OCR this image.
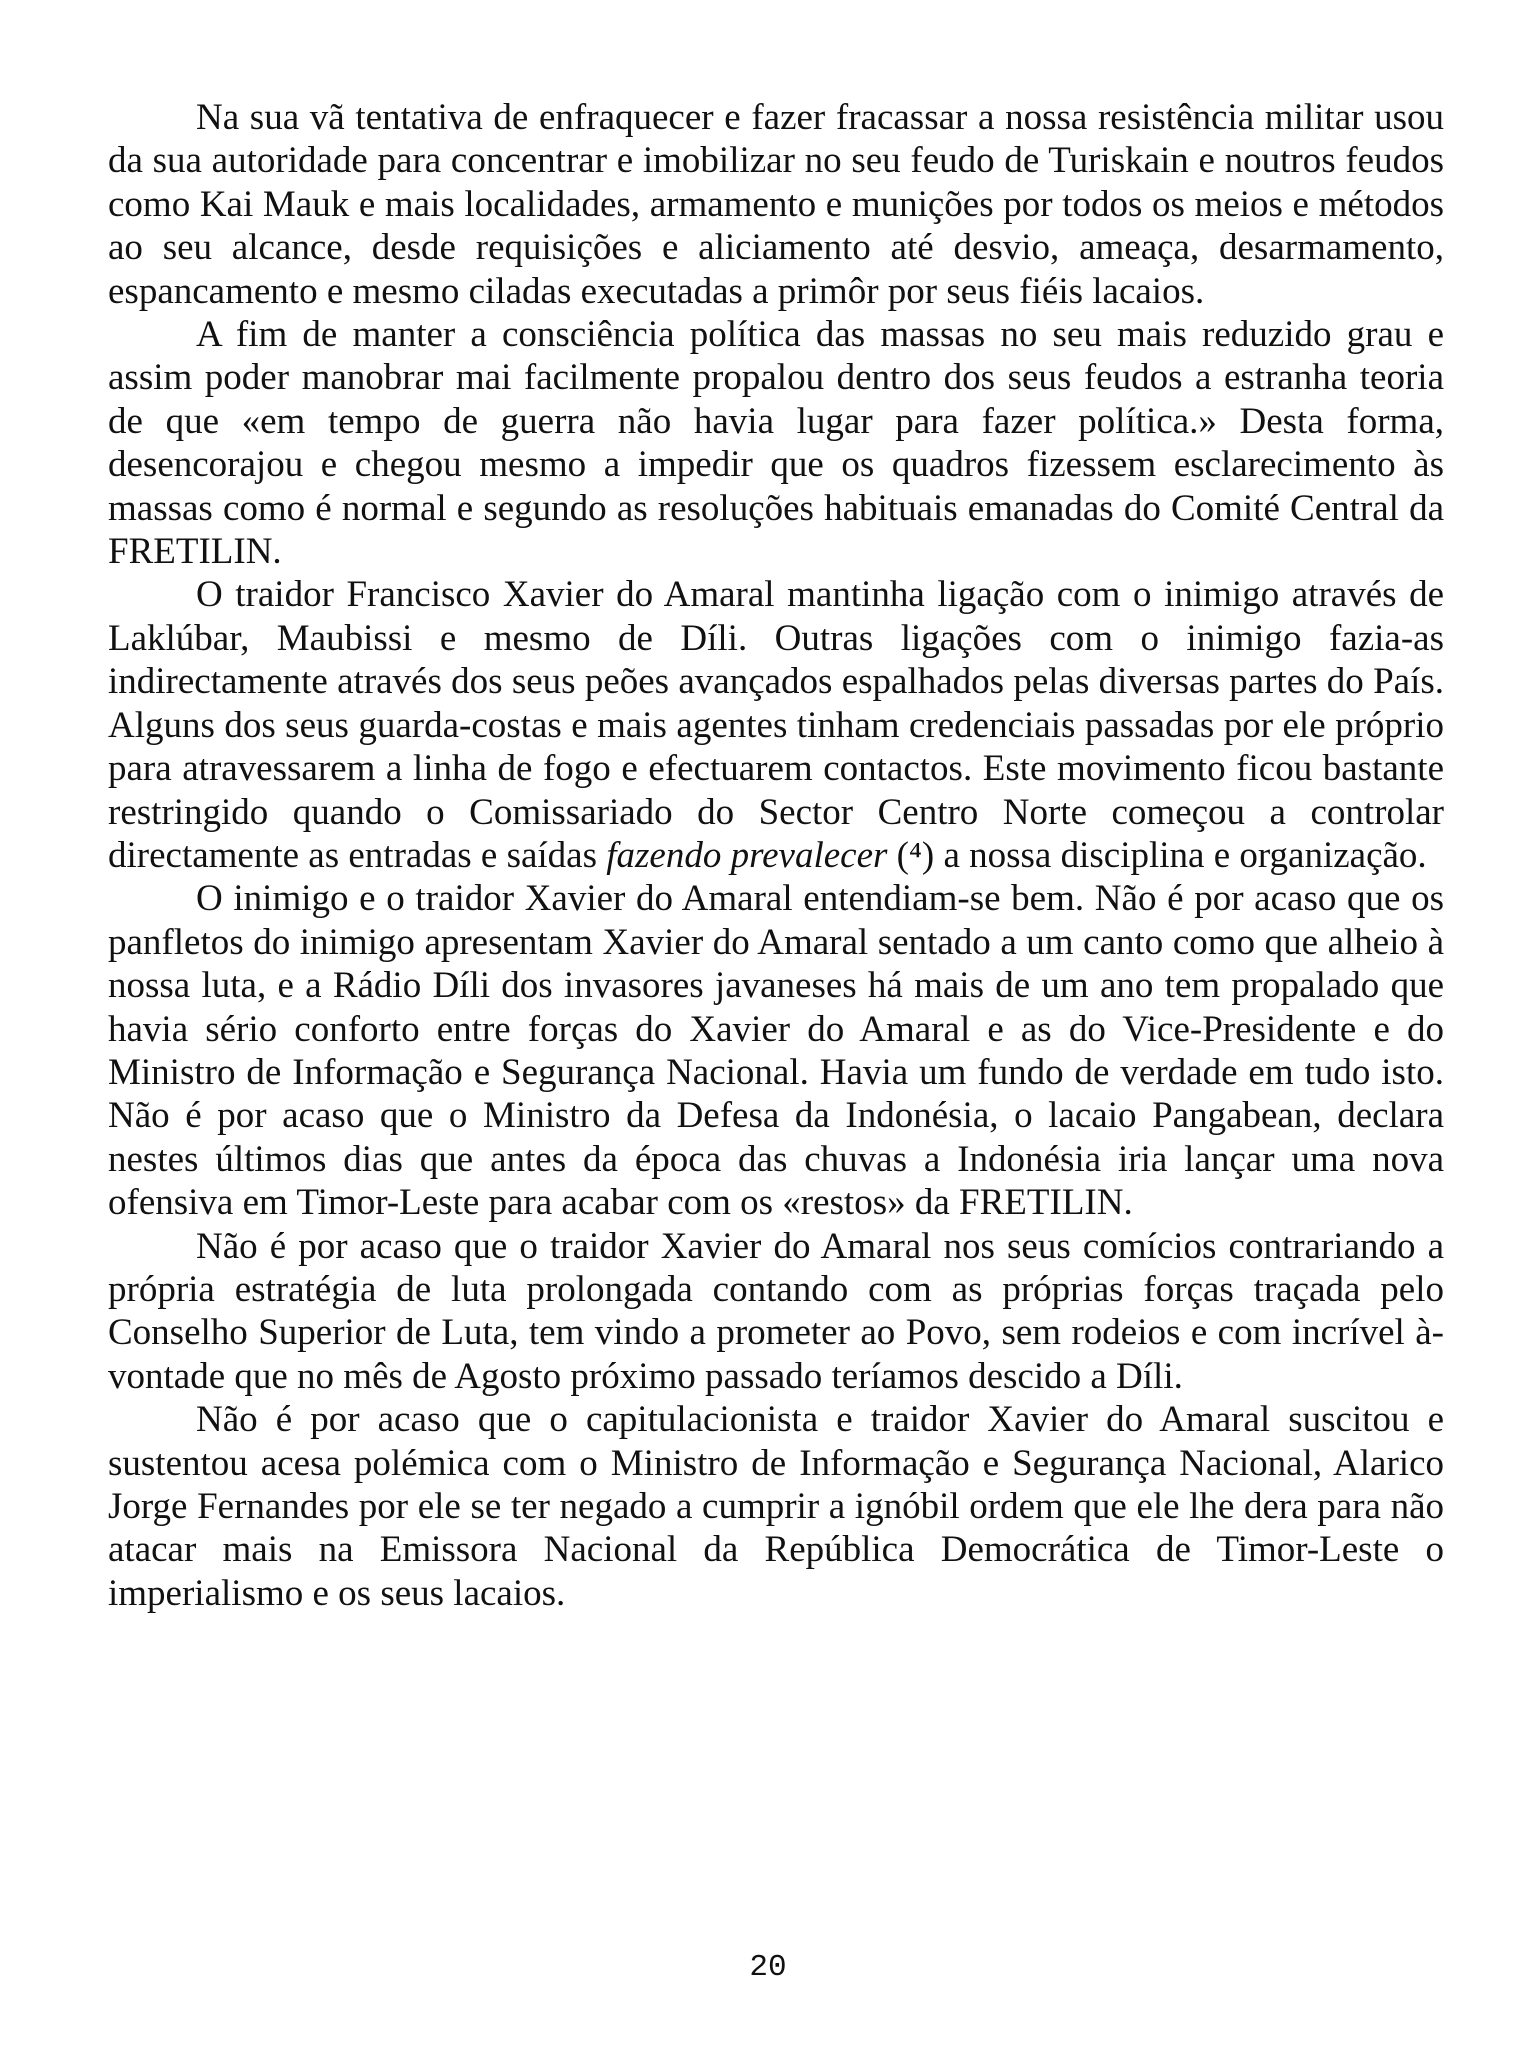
Na sua vã tentativa de enfraquecer e fazer fracassar a nossa resistência militar usou da sua autoridade para concentrar e imobilizar no seu feudo de Turiskain e noutros feudos como Kai Mauk e mais localidades, armamento e munições por todos os meios e métodos ao seu alcance, desde requisições e aliciamento até desvio, ameaça, desarmamento, espancamento e mesmo ciladas executadas a primôr por seus fiéis lacaios.

A fim de manter a consciência política das massas no seu mais reduzido grau e assim poder manobrar mai facilmente propalou dentro dos seus feudos a estranha teoria de que «em tempo de guerra não havia lugar para fazer política.» Desta forma, desencorajou e chegou mesmo a impedir que os quadros fizessem esclarecimento às massas como é normal e segundo as resoluções habituais emanadas do Comité Central da FRETILIN.

O traidor Francisco Xavier do Amaral mantinha ligação com o inimigo através de Laklúbar, Maubissi e mesmo de Díli. Outras ligações com o inimigo fazia-as indirectamente através dos seus peões avançados espalhados pelas diversas partes do País. Alguns dos seus guarda-costas e mais agentes tinham credenciais passadas por ele próprio para atravessarem a linha de fogo e efectuarem contactos. Este movimento ficou bastante restringido quando o Comissariado do Sector Centro Norte começou a controlar directamente as entradas e saídas fazendo prevalecer (⁴) a nossa disciplina e organização.

O inimigo e o traidor Xavier do Amaral entendiam-se bem. Não é por acaso que os panfletos do inimigo apresentam Xavier do Amaral sentado a um canto como que alheio à nossa luta, e a Rádio Díli dos invasores javaneses há mais de um ano tem propalado que havia sério conforto entre forças do Xavier do Amaral e as do Vice-Presidente e do Ministro de Informação e Segurança Nacional. Havia um fundo de verdade em tudo isto. Não é por acaso que o Ministro da Defesa da Indonésia, o lacaio Pangabean, declara nestes últimos dias que antes da época das chuvas a Indonésia iria lançar uma nova ofensiva em Timor-Leste para acabar com os «restos» da FRETILIN.

Não é por acaso que o traidor Xavier do Amaral nos seus comícios contrariando a própria estratégia de luta prolongada contando com as próprias forças traçada pelo Conselho Superior de Luta, tem vindo a prometer ao Povo, sem rodeios e com incrível à-vontade que no mês de Agosto próximo passado teríamos descido a Díli.

Não é por acaso que o capitulacionista e traidor Xavier do Amaral suscitou e sustentou acesa polémica com o Ministro de Informação e Segurança Nacional, Alarico Jorge Fernandes por ele se ter negado a cumprir a ignóbil ordem que ele lhe dera para não atacar mais na Emissora Nacional da República Democrática de Timor-Leste o imperialismo e os seus lacaios.

20
